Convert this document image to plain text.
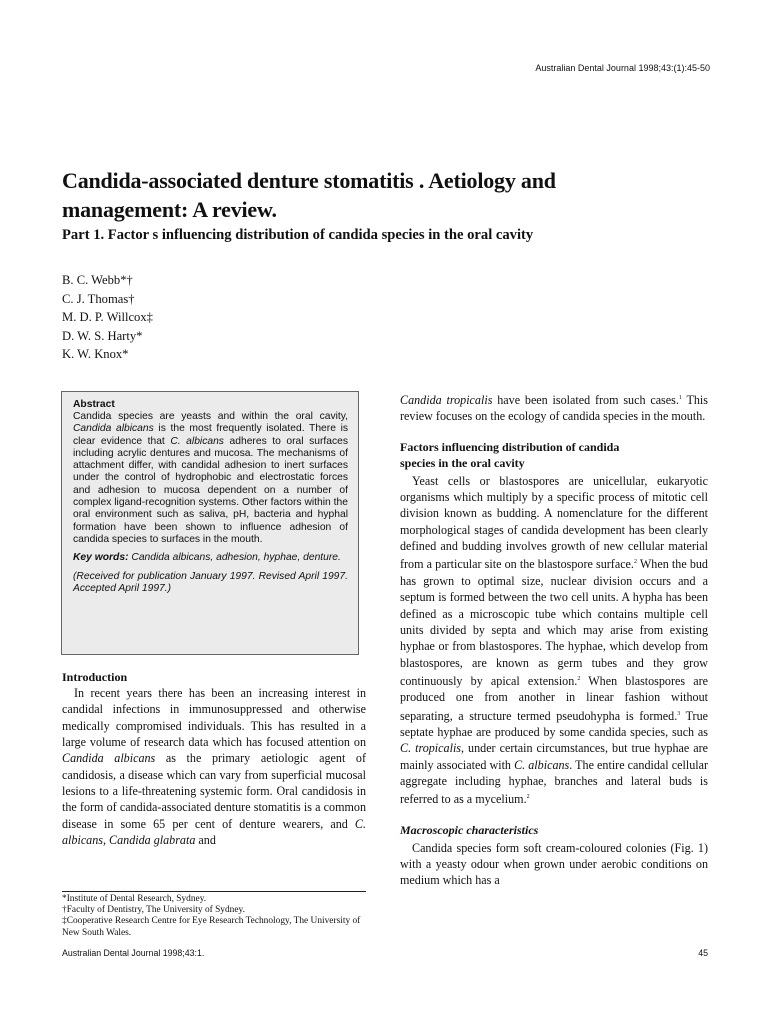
Australian Dental Journal 1998;43:(1):45-50
Candida-associated denture stomatitis . Aetiology and
management: A review.
Part 1. Factor s influencing distribution of candida species in the oral cavity
B. C. Webb*†
C. J. Thomas†
M. D. P. Willcox‡
D. W. S. Harty*
K. W. Knox*
Abstract

Candida species are yeasts and within the oral cavity, Candida albicans is the most frequently isolated. There is clear evidence that C. albicans adheres to oral surfaces including acrylic dentures and mucosa. The mechanisms of attachment differ, with candidal adhesion to inert surfaces under the control of hydrophobic and electrostatic forces and adhesion to mucosa dependent on a number of complex ligand-recognition systems. Other factors within the oral environment such as saliva, pH, bacteria and hyphal formation have been shown to influence adhesion of candida species to surfaces in the mouth.

Key words: Candida albicans, adhesion, hyphae, denture.

(Received for publication January 1997. Revised April 1997. Accepted April 1997.)

Introduction

In recent years there has been an increasing interest in candidal infections in immunosuppressed and otherwise medically compromised individuals. This has resulted in a large volume of research data which has focused attention on Candida albicans as the primary aetiologic agent of candidosis, a disease which can vary from superficial mucosal lesions to a life-threatening systemic form. Oral candidosis in the form of candida-associated denture stomatitis is a common disease in some 65 per cent of denture wearers, and C. albicans, Candida glabrata and

*Institute of Dental Research, Sydney.
†Faculty of Dentistry, The University of Sydney.
‡Cooperative Research Centre for Eye Research Technology, The University of New South Wales.

Candida tropicalis have been isolated from such cases.$^1$ This review focuses on the ecology of candida species in the mouth.

Factors influencing distribution of candida
species in the oral cavity

Yeast cells or blastospores are unicellular, eukaryotic organisms which multiply by a specific process of mitotic cell division known as budding. A nomenclature for the different morphological stages of candida development has been clearly defined and budding involves growth of new cellular material from a particular site on the blastospore surface.$^2$ When the bud has grown to optimal size, nuclear division occurs and a septum is formed between the two cell units. A hypha has been defined as a microscopic tube which contains multiple cell units divided by septa and which may arise from existing hyphae or from blastospores. The hyphae, which develop from blastospores, are known as germ tubes and they grow continuously by apical extension.$^2$ When blastospores are produced one from another in linear fashion without separating, a structure termed pseudohypha is formed.$^3$ True septate hyphae are produced by some candida species, such as C. tropicalis, under certain circumstances, but true hyphae are mainly associated with C. albicans. The entire candidal cellular aggregate including hyphae, branches and lateral buds is referred to as a mycelium.$^2$

Macroscopic characteristics

Candida species form soft cream-coloured colonies (Fig. 1) with a yeasty odour when grown under aerobic conditions on medium which has a

Australian Dental Journal 1998;43:1.	45
